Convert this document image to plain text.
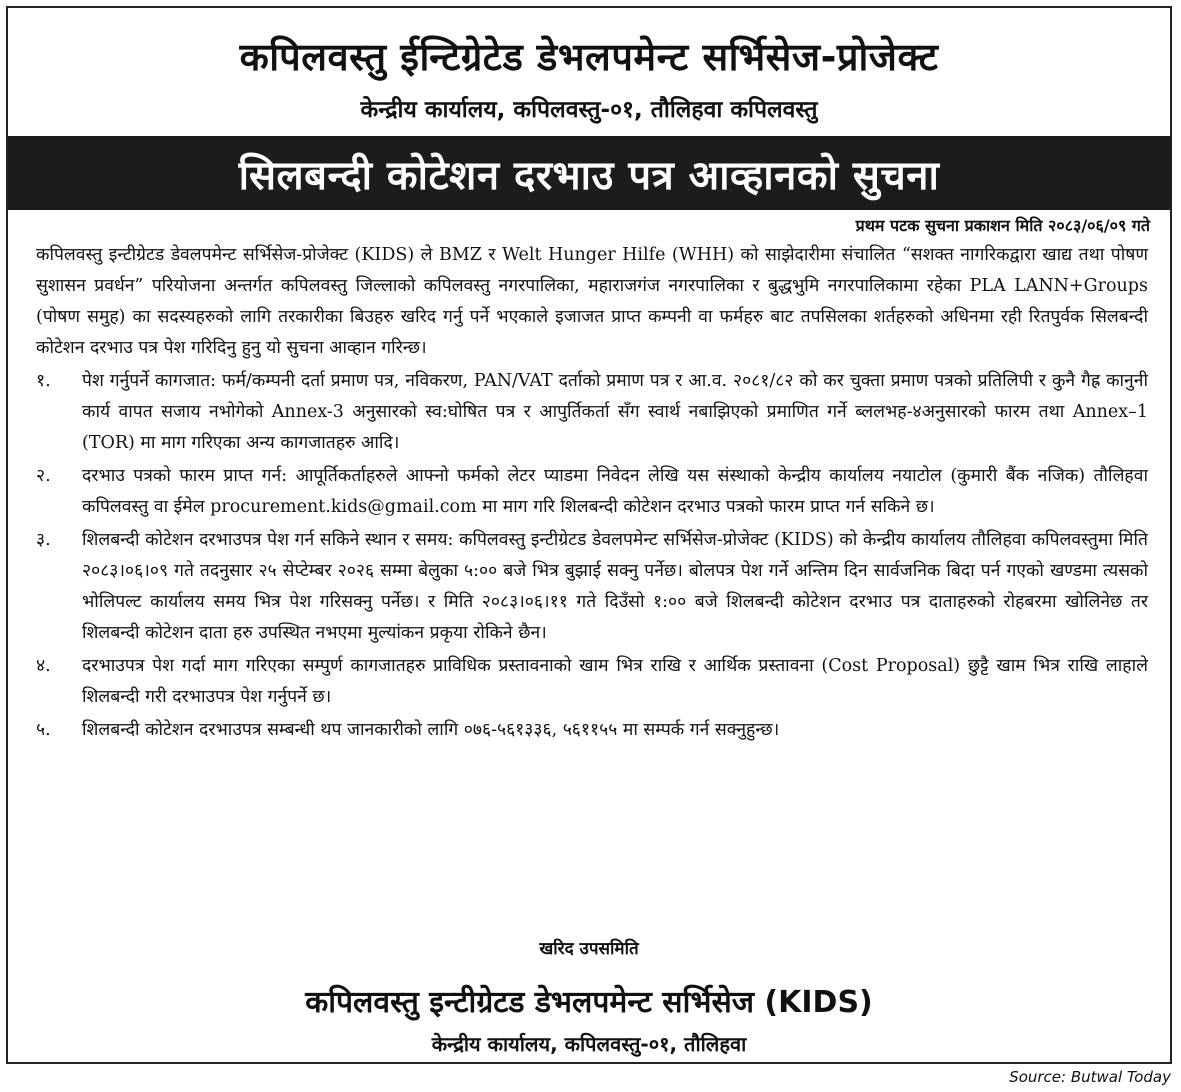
कपिलवस्तु ईन्टिग्रेटेड डेभलपमेन्ट सर्भिसेज-प्रोजेक्ट
केन्द्रीय कार्यालय, कपिलवस्तु-०१, तौलिहवा कपिलवस्तु
सिलबन्दी कोटेशन दरभाउ पत्र आव्हानको सुचना
प्रथम पटक सुचना प्रकाशन मिति २०८३/०६/०९ गते

कपिलवस्तु इन्टीग्रेटड डेवलपमेन्ट सर्भिसेज-प्रोजेक्ट (KIDS) ले BMZ र Welt Hunger Hilfe (WHH) को साझेदारीमा संचालित “सशक्त नागरिकद्वारा खाद्य तथा पोषण सुशासन प्रवर्धन” परियोजना अन्तर्गत कपिलवस्तु जिल्लाको कपिलवस्तु नगरपालिका, महाराजगंज नगरपालिका र बुद्धभुमि नगरपालिकामा रहेका PLA LANN+Groups (पोषण समुह) का सदस्यहरुको लागि तरकारीका बिउहरु खरिद गर्नु पर्ने भएकाले इजाजत प्राप्त कम्पनी वा फर्महरु बाट तपसिलका शर्तहरुको अधिनमा रही रितपुर्वक सिलबन्दी कोटेशन दरभाउ पत्र पेश गरिदिनु हुनु यो सुचना आव्हान गरिन्छ।

१.	पेश गर्नुपर्ने कागजात: फर्म/कम्पनी दर्ता प्रमाण पत्र, नविकरण, PAN/VAT दर्ताको प्रमाण पत्र र आ.व. २०८१/८२ को कर चुक्ता प्रमाण पत्रको प्रतिलिपी र कुनै गैह्र कानुनी कार्य वापत सजाय नभोगेको Annex-3 अनुसारको स्व:घोषित पत्र र आपुर्तिकर्ता सँग स्वार्थ नबाझिएको प्रमाणित गर्ने ब्ललभह-४अनुसारको फारम तथा Annex–1 (TOR) मा माग गरिएका अन्य कागजातहरु आदि।
२.	दरभाउ पत्रको फारम प्राप्त गर्न: आपूर्तिकर्ताहरुले आफ्नो फर्मको लेटर प्याडमा निवेदन लेखि यस संस्थाको केन्द्रीय कार्यालय नयाटोल (कुमारी बैंक नजिक) तौलिहवा कपिलवस्तु वा ईमेल procurement.kids@gmail.com मा माग गरि शिलबन्दी कोटेशन दरभाउ पत्रको फारम प्राप्त गर्न सकिने छ।
३.	शिलबन्दी कोटेशन दरभाउपत्र पेश गर्न सकिने स्थान र समय: कपिलवस्तु इन्टीग्रेटड डेवलपमेन्ट सर्भिसेज-प्रोजेक्ट (KIDS) को केन्द्रीय कार्यालय तौलिहवा कपिलवस्तुमा मिति २०८३।०६।०९ गते तदनुसार २५ सेप्टेम्बर २०२६ सम्मा बेलुका ५:०० बजे भित्र बुझाई सक्नु पर्नेछ। बोलपत्र पेश गर्ने अन्तिम दिन सार्वजनिक बिदा पर्न गएको खण्डमा त्यसको भोलिपल्ट कार्यालय समय भित्र पेश गरिसक्नु पर्नेछ। र मिति २०८३।०६।११ गते दिउँसो १:०० बजे शिलबन्दी कोटेशन दरभाउ पत्र दाताहरुको रोहबरमा खोलिनेछ तर शिलबन्दी कोटेशन दाता हरु उपस्थित नभएमा मुल्यांकन प्रकृया रोकिने छैन।
४.	दरभाउपत्र पेश गर्दा माग गरिएका सम्पुर्ण कागजातहरु प्राविधिक प्रस्तावनाको खाम भित्र राखि र आर्थिक प्रस्तावना (Cost Proposal) छुट्टै खाम भित्र राखि लाहाले शिलबन्दी गरी दरभाउपत्र पेश गर्नुपर्ने छ।
५.	शिलबन्दी कोटेशन दरभाउपत्र सम्बन्धी थप जानकारीको लागि ०७६-५६१३३६, ५६११५५ मा सम्पर्क गर्न सक्नुहुन्छ।
खरिद उपसमिति
कपिलवस्तु इन्टीग्रेटड डेभलपमेन्ट सर्भिसेज (KIDS)
केन्द्रीय कार्यालय, कपिलवस्तु-०१, तौलिहवा
Source: Butwal Today
